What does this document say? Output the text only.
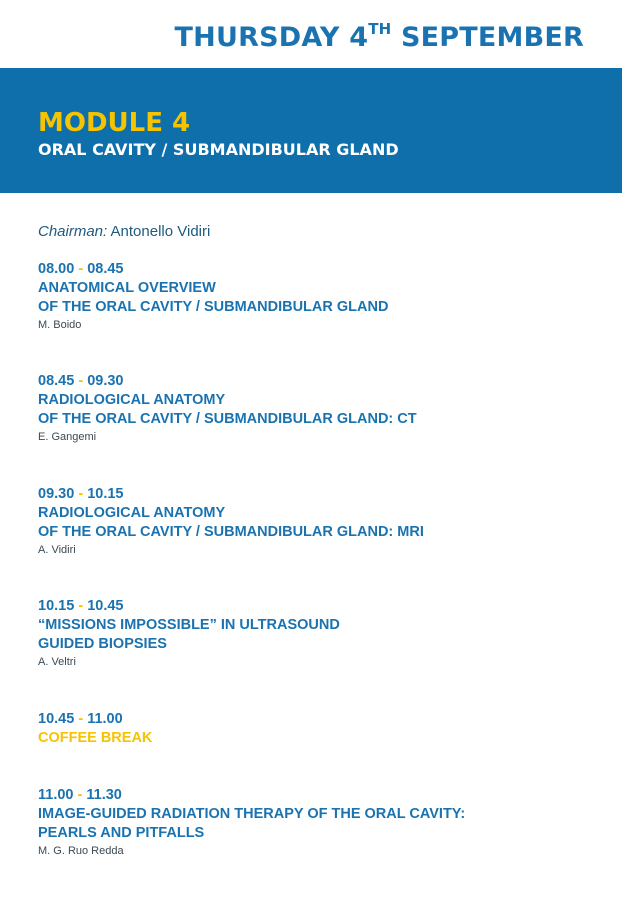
THURSDAY 4TH SEPTEMBER
MODULE 4
ORAL CAVITY / SUBMANDIBULAR GLAND
Chairman: Antonello Vidiri
08.00 - 08.45
ANATOMICAL OVERVIEW
OF THE ORAL CAVITY / SUBMANDIBULAR GLAND
M. Boido
08.45 - 09.30
RADIOLOGICAL ANATOMY
OF THE ORAL CAVITY / SUBMANDIBULAR GLAND: CT
E. Gangemi
09.30 - 10.15
RADIOLOGICAL ANATOMY
OF THE ORAL CAVITY / SUBMANDIBULAR GLAND: MRI
A. Vidiri
10.15 - 10.45
“MISSIONS IMPOSSIBLE” IN ULTRASOUND
GUIDED BIOPSIES
A. Veltri
10.45 - 11.00
COFFEE BREAK
11.00 - 11.30
IMAGE-GUIDED RADIATION THERAPY OF THE ORAL CAVITY:
PEARLS AND PITFALLS
M. G. Ruo Redda
